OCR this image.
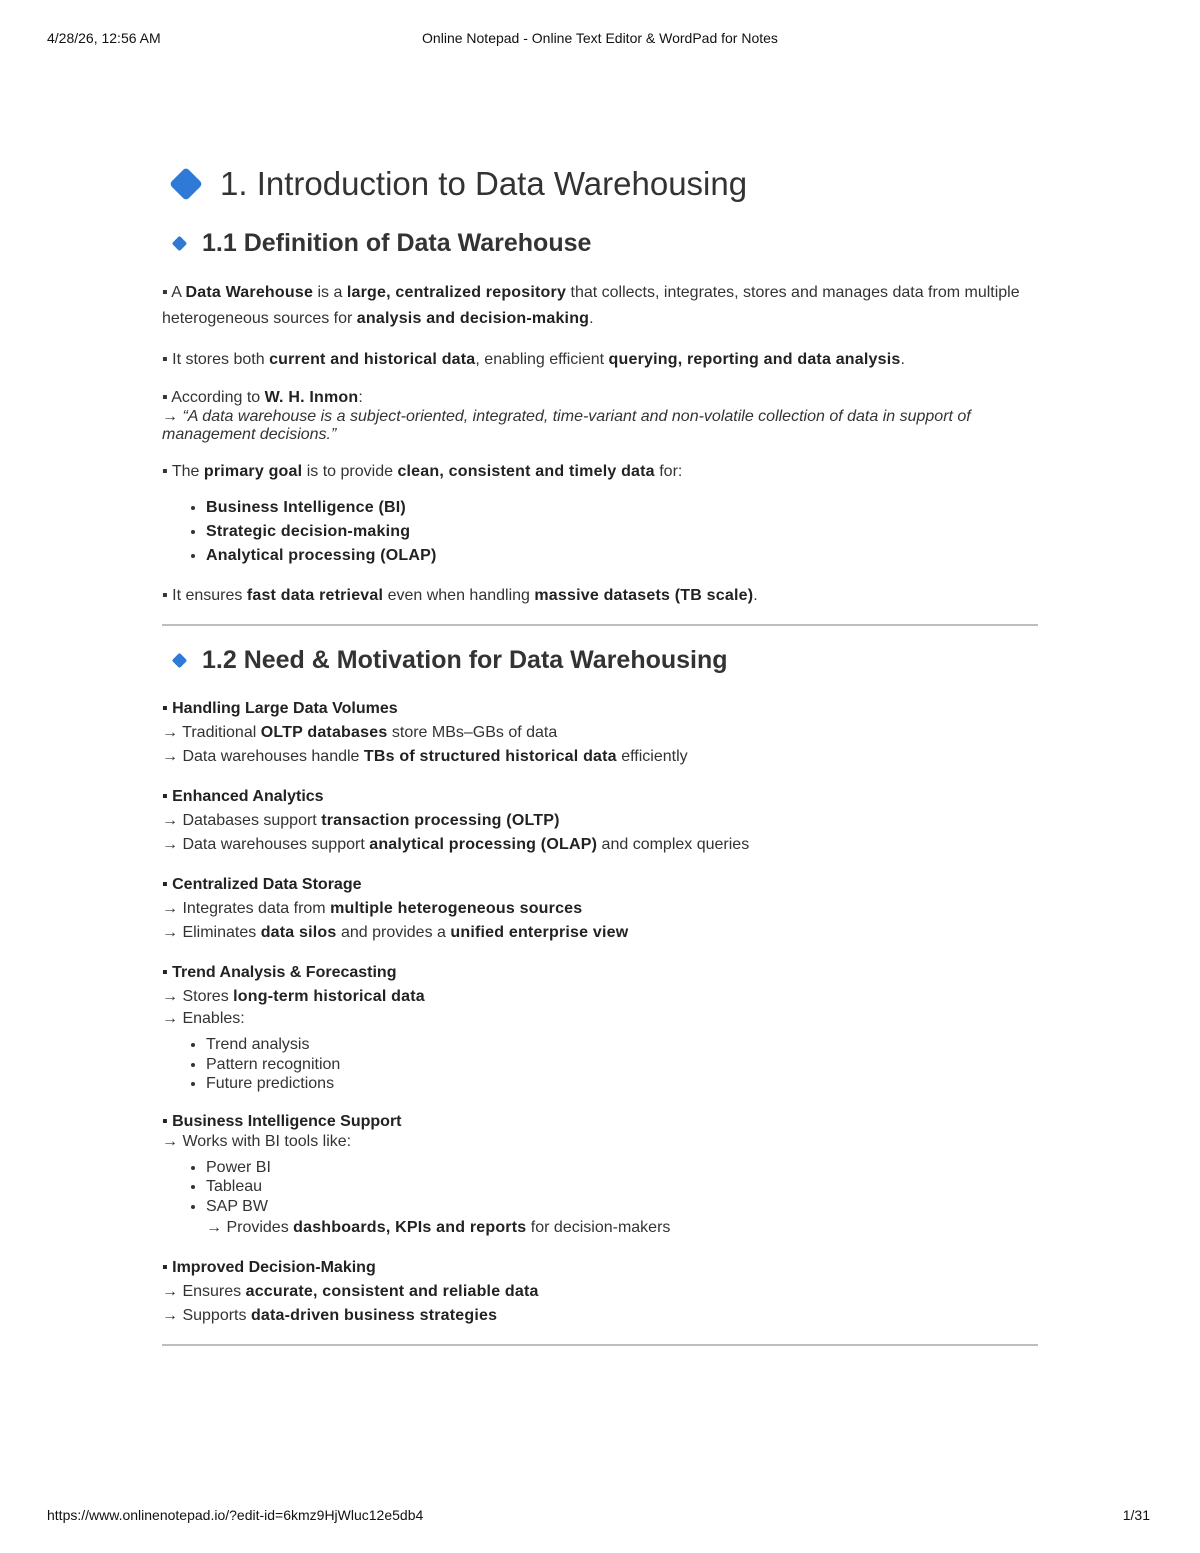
4/28/26, 12:56 AM	Online Notepad - Online Text Editor & WordPad for Notes
1. Introduction to Data Warehousing
1.1 Definition of Data Warehouse

▪ A Data Warehouse is a large, centralized repository that collects, integrates, stores and manages data from multiple heterogeneous sources for analysis and decision-making.

▪ It stores both current and historical data, enabling efficient querying, reporting and data analysis.

▪ According to W. H. Inmon:
→ “A data warehouse is a subject-oriented, integrated, time-variant and non-volatile collection of data in support of management decisions.”

▪ The primary goal is to provide clean, consistent and timely data for:

• Business Intelligence (BI)
• Strategic decision-making
• Analytical processing (OLAP)

▪ It ensures fast data retrieval even when handling massive datasets (TB scale).

1.2 Need & Motivation for Data Warehousing

▪ Handling Large Data Volumes
→ Traditional OLTP databases store MBs–GBs of data
→ Data warehouses handle TBs of structured historical data efficiently

▪ Enhanced Analytics
→ Databases support transaction processing (OLTP)
→ Data warehouses support analytical processing (OLAP) and complex queries

▪ Centralized Data Storage
→ Integrates data from multiple heterogeneous sources
→ Eliminates data silos and provides a unified enterprise view

▪ Trend Analysis & Forecasting
→ Stores long-term historical data
→ Enables:

• Trend analysis
• Pattern recognition
• Future predictions

▪ Business Intelligence Support
→ Works with BI tools like:

• Power BI
• Tableau
• SAP BW

→ Provides dashboards, KPIs and reports for decision-makers

▪ Improved Decision-Making
→ Ensures accurate, consistent and reliable data
→ Supports data-driven business strategies

https://www.onlinenotepad.io/?edit-id=6kmz9HjWluc12e5db4	1/31
